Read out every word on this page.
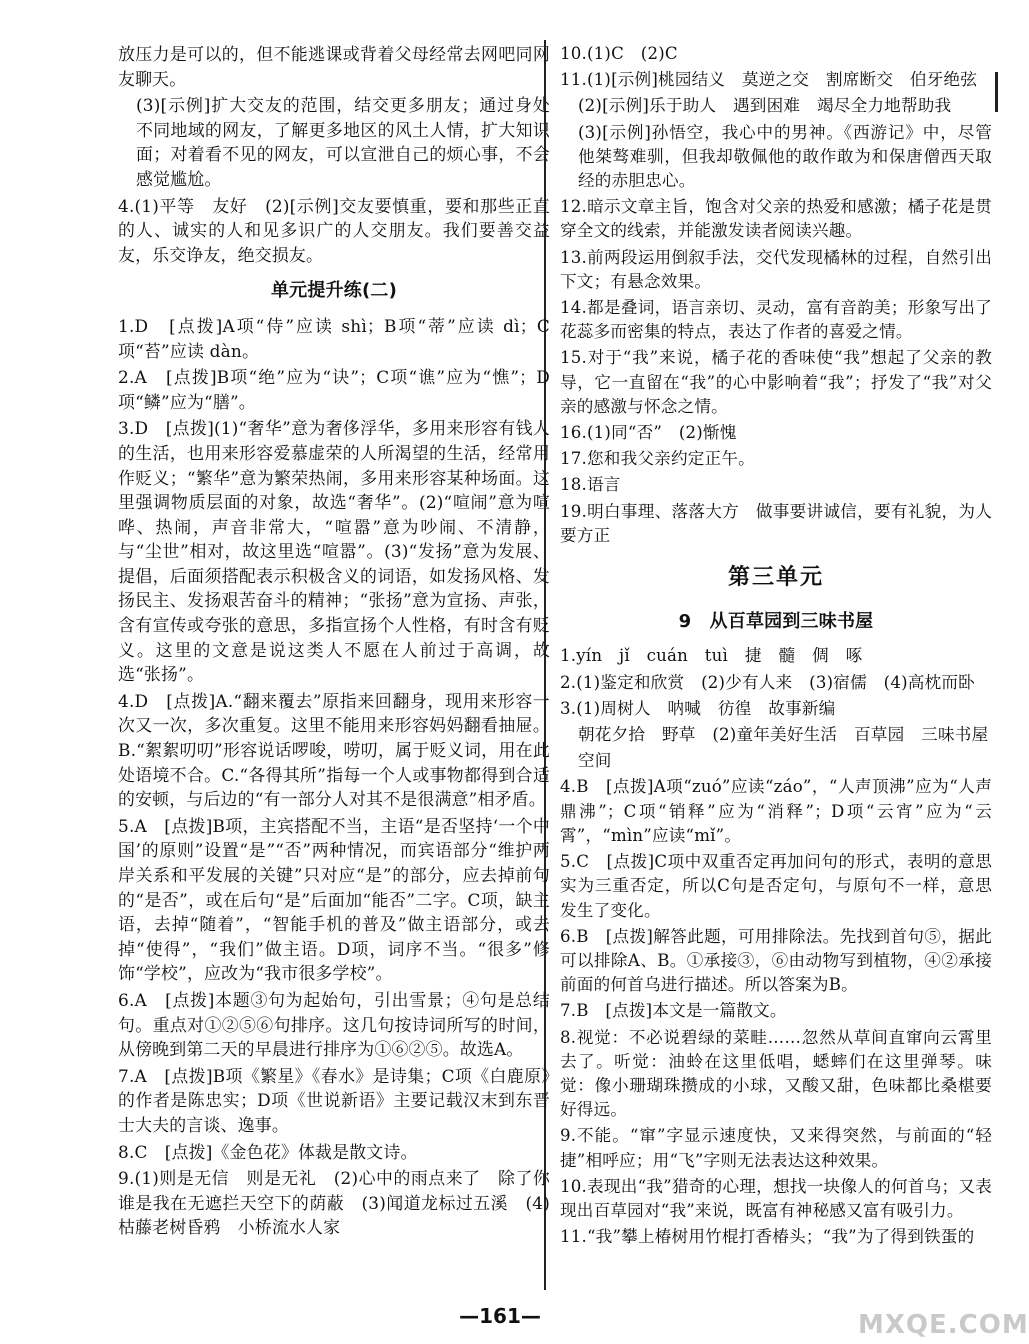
放压力是可以的，但不能逃课或背着父母经常去网吧同网友聊天。

(3)[示例]扩大交友的范围，结交更多朋友；通过身处不同地域的网友，了解更多地区的风土人情，扩大知识面；对着看不见的网友，可以宣泄自己的烦心事，不会感觉尴尬。

4.(1)平等　友好　(2)[示例]交友要慎重，要和那些正直的人、诚实的人和见多识广的人交朋友。我们要善交益友，乐交诤友，绝交损友。

单元提升练(二)

1.D　[点拨]A项“侍”应读 shì；B项“蒂”应读 dì；C项“苔”应读 dàn。

2.A　[点拨]B项“绝”应为“诀”；C项“谯”应为“憔”；D项“鳞”应为“膳”。

3.D　[点拨](1)“奢华”意为奢侈浮华，多用来形容有钱人的生活，也用来形容爱慕虚荣的人所渴望的生活，经常用作贬义；“繁华”意为繁荣热闹，多用来形容某种场面。这里强调物质层面的对象，故选“奢华”。(2)“喧闹”意为喧哗、热闹，声音非常大，“喧嚣”意为吵闹、不清静，与“尘世”相对，故这里选“喧嚣”。(3)“发扬”意为发展、提倡，后面须搭配表示积极含义的词语，如发扬风格、发扬民主、发扬艰苦奋斗的精神；“张扬”意为宣扬、声张，含有宣传或夸张的意思，多指宣扬个人性格，有时含有贬义。这里的文意是说这类人不愿在人前过于高调，故选“张扬”。

4.D　[点拨]A.“翻来覆去”原指来回翻身，现用来形容一次又一次，多次重复。这里不能用来形容妈妈翻看抽屉。B.“絮絮叨叨”形容说话啰唆，唠叨，属于贬义词，用在此处语境不合。C.“各得其所”指每一个人或事物都得到合适的安顿，与后边的“有一部分人对其不是很满意”相矛盾。

5.A　[点拨]B项，主宾搭配不当，主语“是否坚持‘一个中国’的原则”设置“是”“否”两种情况，而宾语部分“维护两岸关系和平发展的关键”只对应“是”的部分，应去掉前句的“是否”，或在后句“是”后面加“能否”二字。C项，缺主语，去掉“随着”，“智能手机的普及”做主语部分，或去掉“使得”，“我们”做主语。D项，词序不当。“很多”修饰“学校”，应改为“我市很多学校”。

6.A　[点拨]本题③句为起始句，引出雪景；④句是总结句。重点对①②⑤⑥句排序。这几句按诗词所写的时间，从傍晚到第二天的早晨进行排序为①⑥②⑤。故选A。

7.A　[点拨]B项《繁星》《春水》是诗集；C项《白鹿原》的作者是陈忠实；D项《世说新语》主要记载汉末到东晋士大夫的言谈、逸事。

8.C　[点拨]《金色花》体裁是散文诗。

9.(1)则是无信　则是无礼　(2)心中的雨点来了　除了你　谁是我在无遮拦天空下的荫蔽　(3)闻道龙标过五溪　(4)枯藤老树昏鸦　小桥流水人家

10.(1)C　(2)C

11.(1)[示例]桃园结义　莫逆之交　割席断交　伯牙绝弦

(2)[示例]乐于助人　遇到困难　竭尽全力地帮助我

(3)[示例]孙悟空，我心中的男神。《西游记》中，尽管他桀骜难驯，但我却敬佩他的敢作敢为和保唐僧西天取经的赤胆忠心。

12.暗示文章主旨，饱含对父亲的热爱和感激；橘子花是贯穿全文的线索，并能激发读者阅读兴趣。

13.前两段运用倒叙手法，交代发现橘林的过程，自然引出下文；有悬念效果。

14.都是叠词，语言亲切、灵动，富有音韵美；形象写出了花蕊多而密集的特点，表达了作者的喜爱之情。

15.对于“我”来说，橘子花的香味使“我”想起了父亲的教导，它一直留在“我”的心中影响着“我”；抒发了“我”对父亲的感激与怀念之情。

16.(1)同“否”　(2)惭愧

17.您和我父亲约定正午。

18.语言

19.明白事理、落落大方　做事要讲诚信，要有礼貌，为人要方正

第三单元
9　从百草园到三味书屋

1.yín　jǐ　cuán　tuì　捷　髓　倜　啄

2.(1)鉴定和欣赏　(2)少有人来　(3)宿儒　(4)高枕而卧

3.(1)周树人　呐喊　彷徨　故事新编

朝花夕拾　野草　(2)童年美好生活　百草园　三味书屋

空间

4.B　[点拨]A项“zuó”应读“záo”，“人声顶沸”应为“人声鼎沸”；C项“销释”应为“消释”；D项“云宵”应为“云霄”，“mìn”应读“mǐ”。

5.C　[点拨]C项中双重否定再加问句的形式，表明的意思实为三重否定，所以C句是否定句，与原句不一样，意思发生了变化。

6.B　[点拨]解答此题，可用排除法。先找到首句⑤，据此可以排除A、B。①承接③，⑥由动物写到植物，④②承接前面的何首乌进行描述。所以答案为B。

7.B　[点拨]本文是一篇散文。

8.视觉：不必说碧绿的菜畦……忽然从草间直窜向云霄里去了。听觉：油蛉在这里低唱，蟋蟀们在这里弹琴。味觉：像小珊瑚珠攒成的小球，又酸又甜，色味都比桑椹要好得远。

9.不能。“窜”字显示速度快，又来得突然，与前面的“轻捷”相呼应；用“飞”字则无法表达这种效果。

10.表现出“我”猎奇的心理，想找一块像人的何首乌；又表现出百草园对“我”来说，既富有神秘感又富有吸引力。

11.“我”攀上椿树用竹棍打香椿头；“我”为了得到铁蛋的

—161—	MXQE.COM
